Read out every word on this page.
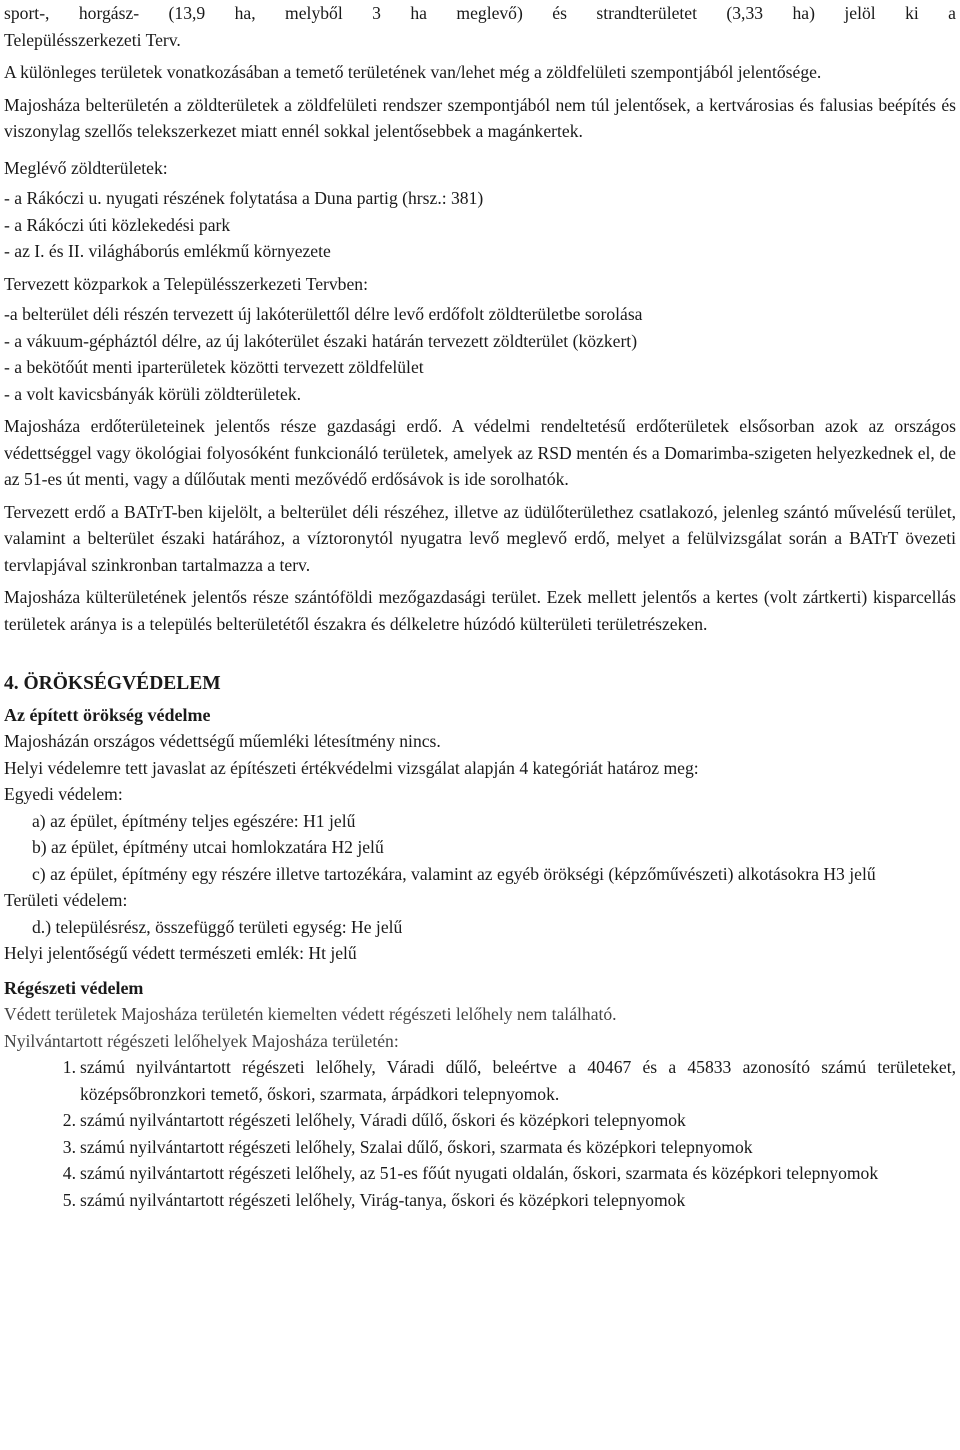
sport-, horgász- (13,9 ha, melyből 3 ha meglevő) és strandterületet (3,33 ha) jelöl ki a

Településszerkezeti Terv.

A különleges területek vonatkozásában a temető területének van/lehet még a zöldfelületi szempontjából jelentősége.

Majosháza belterületén a zöldterületek a zöldfelületi rendszer szempontjából nem túl jelentősek, a kertvárosias és falusias beépítés és viszonylag szellős telekszerkezet miatt ennél sokkal jelentősebbek a magánkertek.

Meglévő zöldterületek:

- a Rákóczi u. nyugati részének folytatása a Duna partig (hrsz.: 381)

- a Rákóczi úti közlekedési park

- az I. és II. világháborús emlékmű környezete

Tervezett közparkok a Településszerkezeti Tervben:

-a belterület déli részén tervezett új lakóterülettől délre levő erdőfolt zöldterületbe sorolása

- a vákuum-gépháztól délre, az új lakóterület északi határán tervezett zöldterület (közkert)

- a bekötőút menti iparterületek közötti tervezett zöldfelület

- a volt kavicsbányák körüli zöldterületek.

Majosháza erdőterületeinek jelentős része gazdasági erdő. A védelmi rendeltetésű erdőterületek elsősorban azok az országos védettséggel vagy ökológiai folyosóként funkcionáló területek, amelyek az RSD mentén és a Domarimba-szigeten helyezkednek el, de az 51-es út menti, vagy a dűlőutak menti mezővédő erdősávok is ide sorolhatók.

Tervezett erdő a BATrT-ben kijelölt, a belterület déli részéhez, illetve az üdülőterülethez csatlakozó, jelenleg szántó művelésű terület, valamint a belterület északi határához, a víztoronytól nyugatra levő meglevő erdő, melyet a felülvizsgálat során a BATrT övezeti tervlapjával szinkronban tartalmazza a terv.

Majosháza külterületének jelentős része szántóföldi mezőgazdasági terület. Ezek mellett jelentős a kertes (volt zártkerti) kisparcellás területek aránya is a település belterületétől északra és délkeletre húzódó külterületi területrészeken.

4. ÖRÖKSÉGVÉDELEM

Az épített örökség védelme

Majosházán országos védettségű műemléki létesítmény nincs.

Helyi védelemre tett javaslat az építészeti értékvédelmi vizsgálat alapján 4 kategóriát határoz meg:

Egyedi védelem:

a) az épület, építmény teljes egészére: H1 jelű

b) az épület, építmény utcai homlokzatára H2 jelű

c) az épület, építmény egy részére illetve tartozékára, valamint az egyéb örökségi (képzőművészeti) alkotásokra H3 jelű

Területi védelem:

d.) településrész, összefüggő területi egység: He jelű

Helyi jelentőségű védett természeti emlék: Ht jelű

Régészeti védelem

Védett területek Majosháza területén kiemelten védett régészeti lelőhely nem található.

Nyilvántartott régészeti lelőhelyek Majosháza területén:

1. számú nyilvántartott régészeti lelőhely, Váradi dűlő, beleértve a 40467 és a 45833 azonosító számú területeket, középsőbronzkori temető, őskori, szarmata, árpádkori telepnyomok.
2. számú nyilvántartott régészeti lelőhely, Váradi dűlő, őskori és középkori telepnyomok
3. számú nyilvántartott régészeti lelőhely, Szalai dűlő, őskori, szarmata és középkori telepnyomok
4. számú nyilvántartott régészeti lelőhely, az 51-es főút nyugati oldalán, őskori, szarmata és középkori telepnyomok
5. számú nyilvántartott régészeti lelőhely, Virág-tanya, őskori és középkori telepnyomok
